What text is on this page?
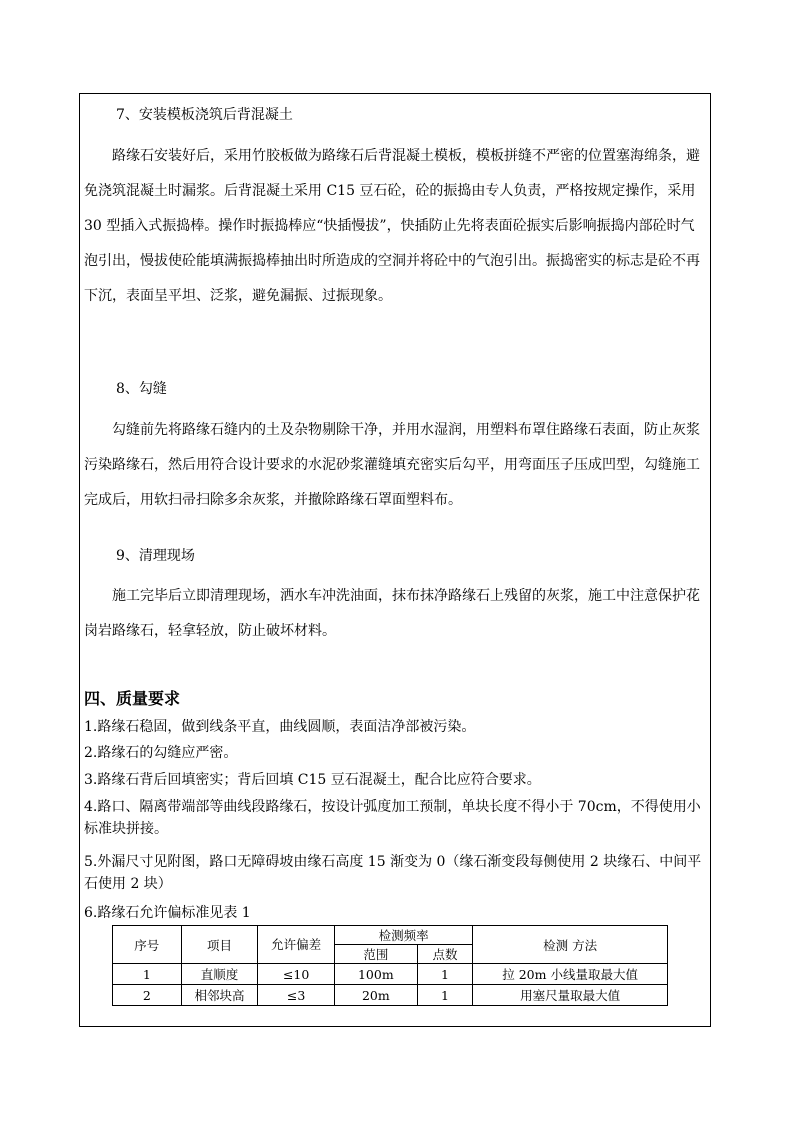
7、安装模板浇筑后背混凝土
路缘石安装好后，采用竹胶板做为路缘石后背混凝土模板，模板拼缝不严密的位置塞海绵条，避免浇筑混凝土时漏浆。后背混凝土采用 C15 豆石砼，砼的振捣由专人负责，严格按规定操作，采用 30 型插入式振捣棒。操作时振捣棒应“快插慢拔”，快插防止先将表面砼振实后影响振捣内部砼时气泡引出，慢拔使砼能填满振捣棒抽出时所造成的空洞并将砼中的气泡引出。振捣密实的标志是砼不再下沉，表面呈平坦、泛浆，避免漏振、过振现象。
8、勾缝
勾缝前先将路缘石缝内的土及杂物剔除干净，并用水湿润，用塑料布罩住路缘石表面，防止灰浆污染路缘石，然后用符合设计要求的水泥砂浆灌缝填充密实后勾平，用弯面压子压成凹型，勾缝施工完成后，用软扫帚扫除多余灰浆，并撤除路缘石罩面塑料布。
9、清理现场
施工完毕后立即清理现场，洒水车冲洗油面，抹布抹净路缘石上残留的灰浆，施工中注意保护花岗岩路缘石，轻拿轻放，防止破坏材料。
四、质量要求
1.路缘石稳固，做到线条平直，曲线圆顺，表面洁净部被污染。
2.路缘石的勾缝应严密。
3.路缘石背后回填密实；背后回填 C15 豆石混凝土，配合比应符合要求。
4.路口、隔离带端部等曲线段路缘石，按设计弧度加工预制，单块长度不得小于 70cm，不得使用小标准块拼接。
5.外漏尺寸见附图，路口无障碍坡由缘石高度 15 渐变为 0（缘石渐变段每侧使用 2 块缘石、中间平石使用 2 块）
6.路缘石允许偏标准见表 1
序号	项目	允许偏差	检测频率		检测 方法
			范围	点数	
1	直顺度	≤10	100m	1	拉 20m 小线量取最大值
2	相邻块高	≤3	20m	1	用塞尺量取最大值
